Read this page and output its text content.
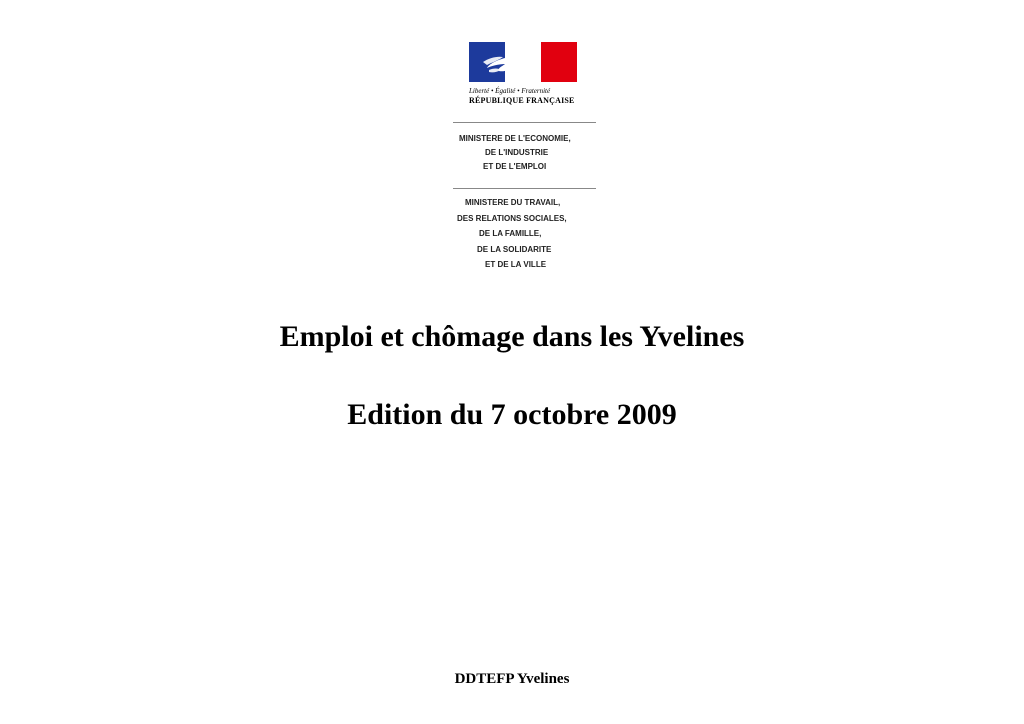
Liberté • Égalité • Fraternité
RÉPUBLIQUE FRANÇAISE
MINISTERE DE L'ECONOMIE,
DE L'INDUSTRIE
ET DE L'EMPLOI
MINISTERE DU TRAVAIL,
DES RELATIONS SOCIALES,
DE LA FAMILLE,
DE LA SOLIDARITE
ET DE LA VILLE
Emploi et chômage dans les Yvelines
Edition du 7 octobre 2009
DDTEFP Yvelines
